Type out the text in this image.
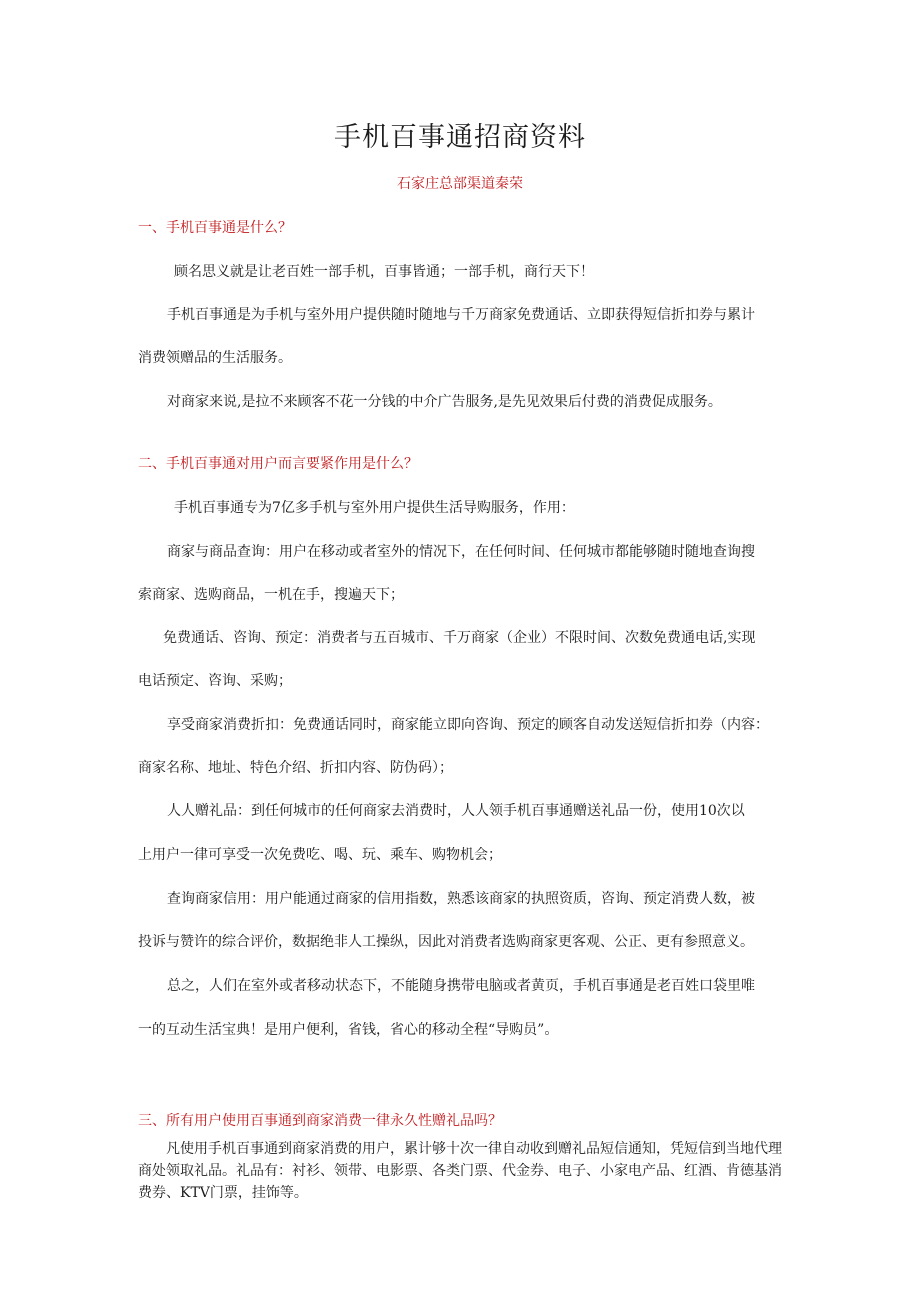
手机百事通招商资料

石家庄总部渠道秦荣

一、手机百事通是什么？

顾名思义就是让老百姓一部手机，百事皆通；一部手机，商行天下！

手机百事通是为手机与室外用户提供随时随地与千万商家免费通话、立即获得短信折扣券与累计

消费领赠品的生活服务。

对商家来说,是拉不来顾客不花一分钱的中介广告服务,是先见效果后付费的消费促成服务。

二、手机百事通对用户而言要紧作用是什么？

手机百事通专为7亿多手机与室外用户提供生活导购服务，作用：

商家与商品查询：用户在移动或者室外的情况下，在任何时间、任何城市都能够随时随地查询搜

索商家、选购商品，一机在手，搜遍天下；

免费通话、咨询、预定：消费者与五百城市、千万商家（企业）不限时间、次数免费通电话,实现

电话预定、咨询、采购；

享受商家消费折扣：免费通话同时，商家能立即向咨询、预定的顾客自动发送短信折扣券（内容：

商家名称、地址、特色介绍、折扣内容、防伪码）；

人人赠礼品：到任何城市的任何商家去消费时，人人领手机百事通赠送礼品一份，使用10次以

上用户一律可享受一次免费吃、喝、玩、乘车、购物机会；

查询商家信用：用户能通过商家的信用指数，熟悉该商家的执照资质，咨询、预定消费人数，被

投诉与赞许的综合评价，数据绝非人工操纵，因此对消费者选购商家更客观、公正、更有参照意义。

总之，人们在室外或者移动状态下，不能随身携带电脑或者黄页，手机百事通是老百姓口袋里唯

一的互动生活宝典！是用户便利，省钱，省心的移动全程“导购员”。

三、所有用户使用百事通到商家消费一律永久性赠礼品吗？

凡使用手机百事通到商家消费的用户，累计够十次一律自动收到赠礼品短信通知，凭短信到当地代理商处领取礼品。礼品有：衬衫、领带、电影票、各类门票、代金券、电子、小家电产品、红酒、肯德基消费券、KTV门票，挂饰等。
